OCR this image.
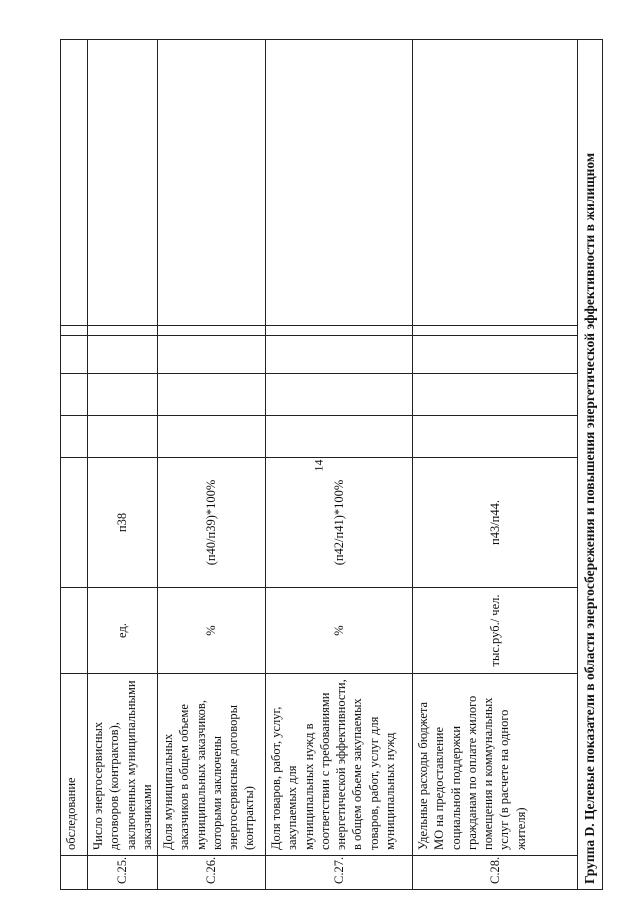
14
	обследование							
С.25.	Число энергосервисных договоров (контрактов), заключенных муниципальными заказчиками	ед.	п38					
С.26.	Доля муниципальных заказчиков в общем объеме муниципальных заказчиков, которыми заключены энергосервисные договоры (контракты)	%	(п40/п39)*100%					
С.27.	Доля товаров, работ, услуг, закупаемых для муниципальных нужд в соответствии с требованиями энергетической эффективности, в общем объеме закупаемых товаров, работ, услуг для муниципальных нужд	%	(п42/п41)*100%					
С.28.	Удельные расходы бюджета МО на предоставление социальной поддержки гражданам по оплате жилого помещения и коммунальных услуг (в расчете на одного жителя)	тыс.руб./ чел.	п43/п44.					
Группа D. Целевые показатели в области энергосбережения и повышения энергетической эффективности в жилищном								
